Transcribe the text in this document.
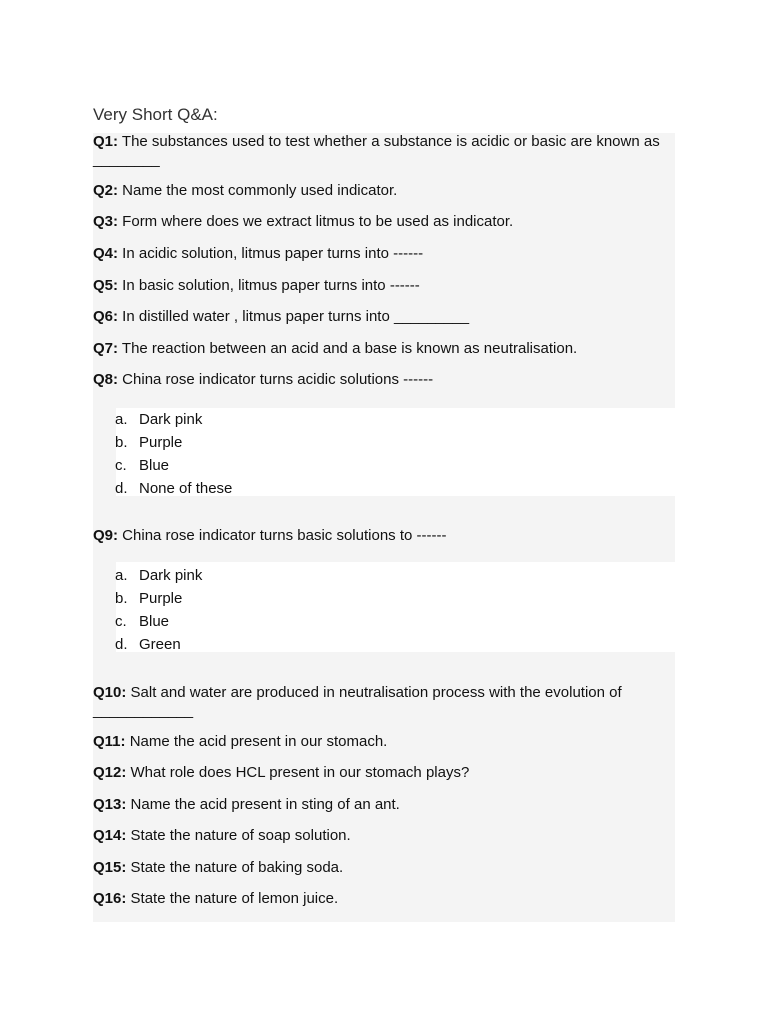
Very Short Q&A:

Q1: The substances used to test whether a substance is acidic or basic are known as ________

Q2: Name the most commonly used indicator.

Q3: Form where does we extract litmus to be used as indicator.

Q4: In acidic solution, litmus paper turns into ------

Q5: In basic solution, litmus paper turns into ------

Q6: In distilled water , litmus paper turns into _________

Q7: The reaction between an acid and a base is known as neutralisation.

Q8: China rose indicator turns acidic solutions ------

a. Dark pink
b. Purple
c. Blue
d. None of these

Q9: China rose indicator turns basic solutions to ------

a. Dark pink
b. Purple
c. Blue
d. Green

Q10: Salt and water are produced in neutralisation process with the evolution of ____________

Q11: Name the acid present in our stomach.

Q12: What role does HCL present in our stomach plays?

Q13: Name the acid present in sting of an ant.

Q14: State the nature of soap solution.

Q15: State the nature of baking soda.

Q16: State the nature of lemon juice.
